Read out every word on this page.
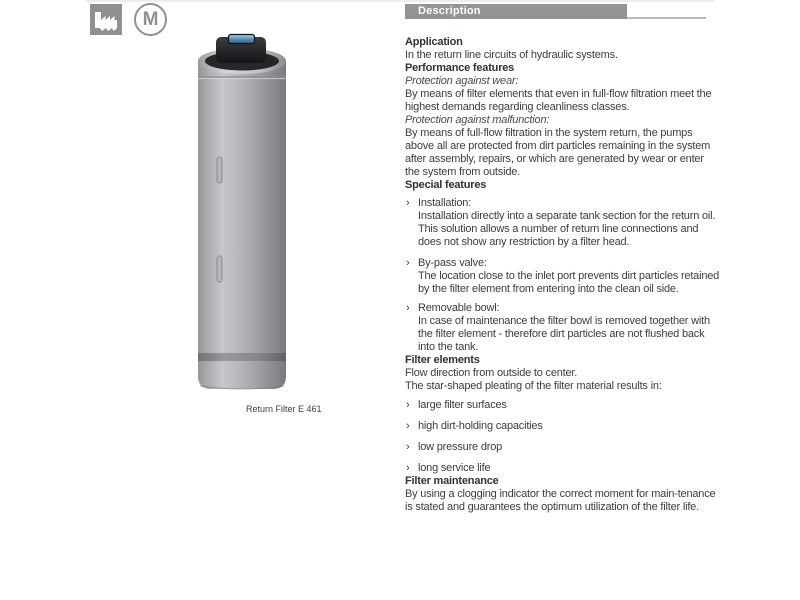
M	Description
Return Filter E 461

Application

In the return line circuits of hydraulic systems.

Performance features

Protection against wear:

By means of filter elements that even in full-flow filtration meet the highest demands regarding cleanliness classes.

Protection against malfunction:

By means of full-flow filtration in the system return, the pumps above all are protected from dirt particles remaining in the system after assembly, repairs, or which are generated by wear or enter the system from outside.

Special features

› Installation:
Installation directly into a separate tank section for the return oil. This solution allows a number of return line connections and does not show any restriction by a filter head.
› By-pass valve:
The location close to the inlet port prevents dirt particles retained by the filter element from entering into the clean oil side.
› Removable bowl:
In case of maintenance the filter bowl is removed together with the filter element - therefore dirt particles are not flushed back into the tank.

Filter elements

Flow direction from outside to center.

The star-shaped pleating of the filter material results in:

› large filter surfaces
› high dirt-holding capacities
› low pressure drop
› long service life

Filter maintenance

By using a clogging indicator the correct moment for main-tenance is stated and guarantees the optimum utilization of the filter life.
